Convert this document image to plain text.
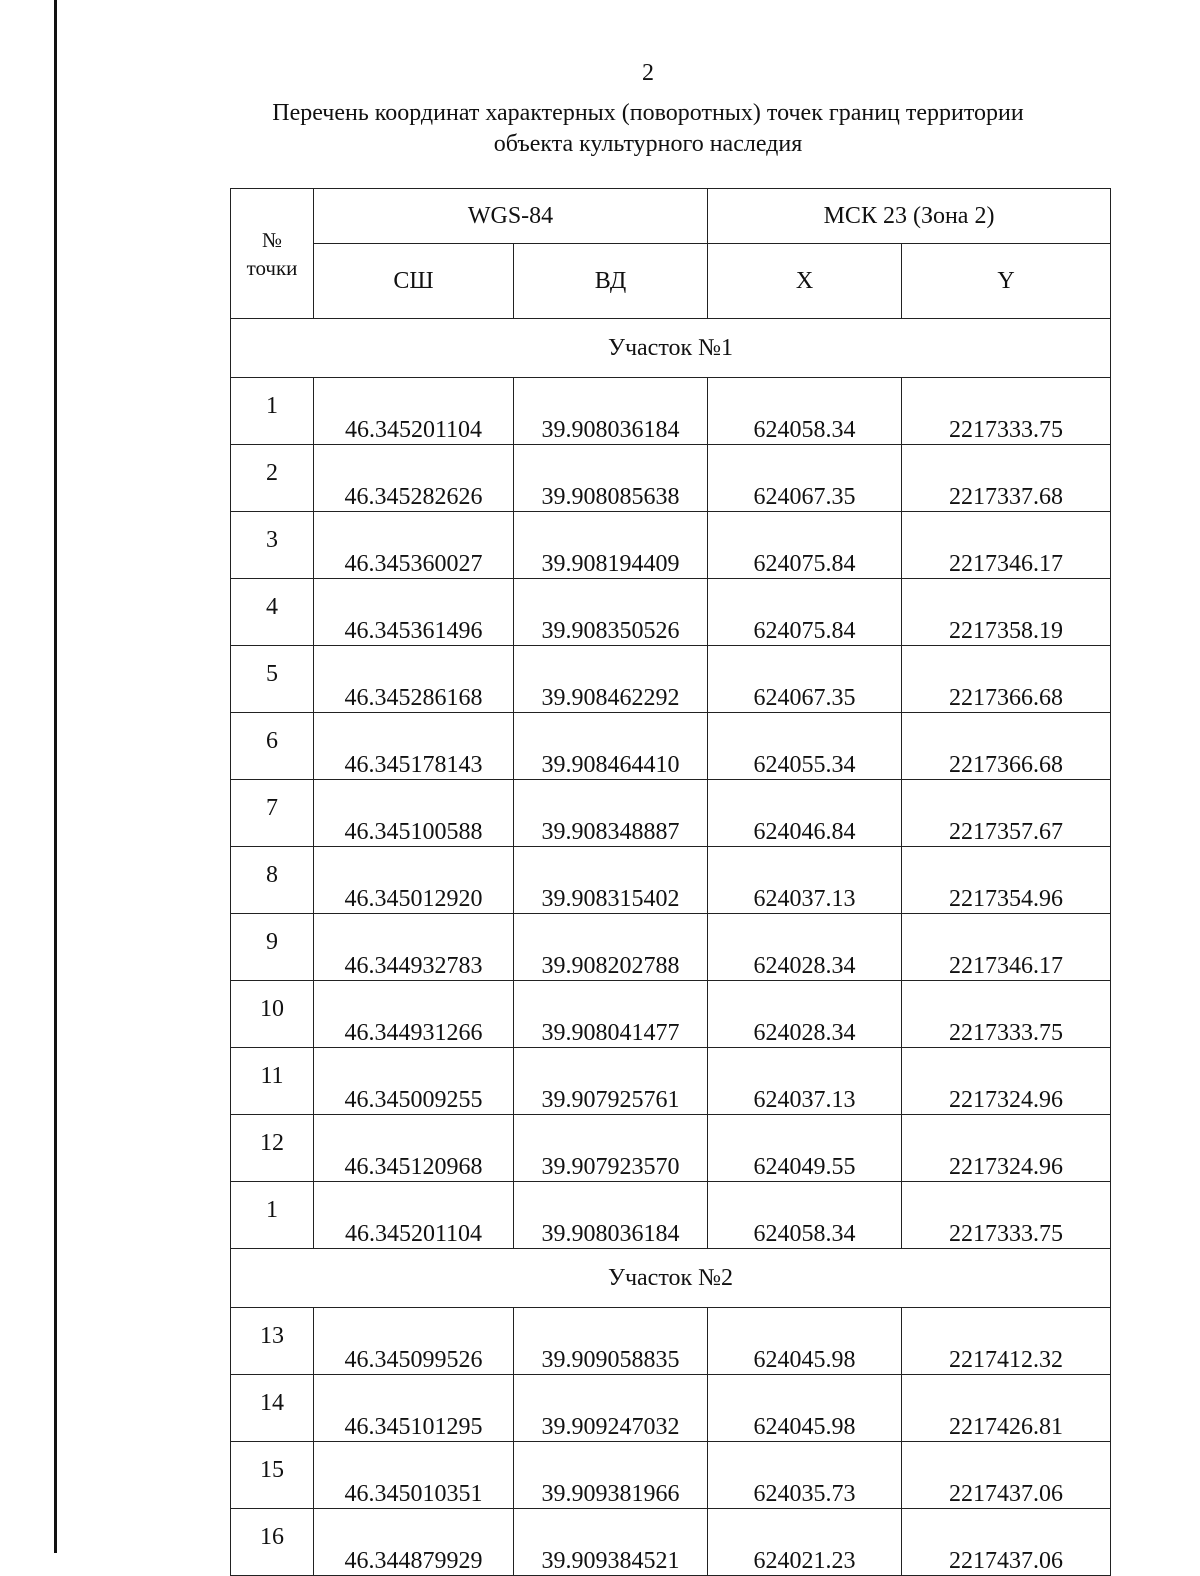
2
Перечень координат характерных (поворотных) точек границ территории
объекта культурного наследия
№
точки	WGS-84		МСК 23 (Зона 2)	
	СШ	ВД	X	Y
Участок №1				
1	46.345201104	39.908036184	624058.34	2217333.75
2	46.345282626	39.908085638	624067.35	2217337.68
3	46.345360027	39.908194409	624075.84	2217346.17
4	46.345361496	39.908350526	624075.84	2217358.19
5	46.345286168	39.908462292	624067.35	2217366.68
6	46.345178143	39.908464410	624055.34	2217366.68
7	46.345100588	39.908348887	624046.84	2217357.67
8	46.345012920	39.908315402	624037.13	2217354.96
9	46.344932783	39.908202788	624028.34	2217346.17
10	46.344931266	39.908041477	624028.34	2217333.75
11	46.345009255	39.907925761	624037.13	2217324.96
12	46.345120968	39.907923570	624049.55	2217324.96
1	46.345201104	39.908036184	624058.34	2217333.75
Участок №2				
13	46.345099526	39.909058835	624045.98	2217412.32
14	46.345101295	39.909247032	624045.98	2217426.81
15	46.345010351	39.909381966	624035.73	2217437.06
16	46.344879929	39.909384521	624021.23	2217437.06
